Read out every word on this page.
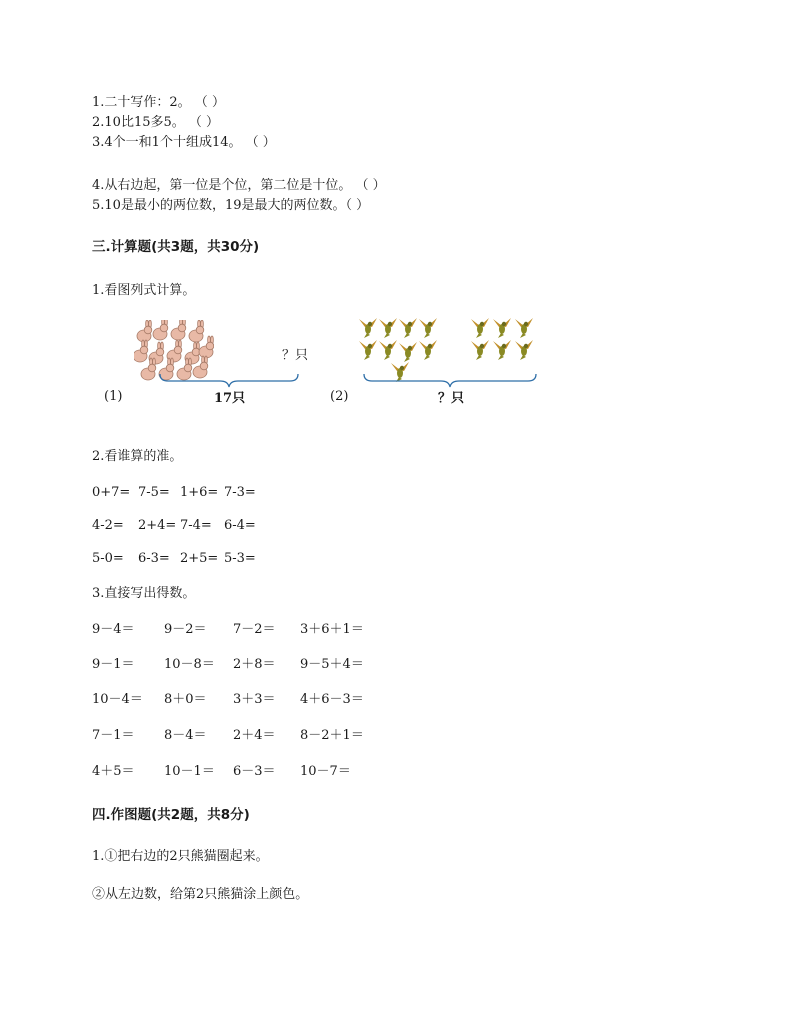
1.二十写作：2。 （ ）
2.10比15多5。 （ ）
3.4个一和1个十组成14。 （ ）
4.从右边起，第一位是个位，第二位是十位。 （ ）
5.10是最小的两位数，19是最大的两位数。（ ）
三.计算题(共3题，共30分)
1.看图列式计算。
？只
(1)	17只	(2)	？只
2.看谁算的准。
0+7= 7-5= 1+6= 7-3=
4-2= 2+4= 7-4= 6-4=
5-0= 6-3= 2+5= 5-3=
3.直接写出得数。
9－4＝ 9－2＝ 7－2＝ 3＋6＋1＝
9－1＝ 10－8＝ 2＋8＝ 9－5＋4＝
10－4＝ 8＋0＝ 3＋3＝ 4＋6－3＝
7－1＝ 8－4＝ 2＋4＝ 8－2＋1＝
4＋5＝ 10－1＝ 6－3＝ 10－7＝
四.作图题(共2题，共8分)
1.①把右边的2只熊猫圈起来。
②从左边数，给第2只熊猫涂上颜色。
